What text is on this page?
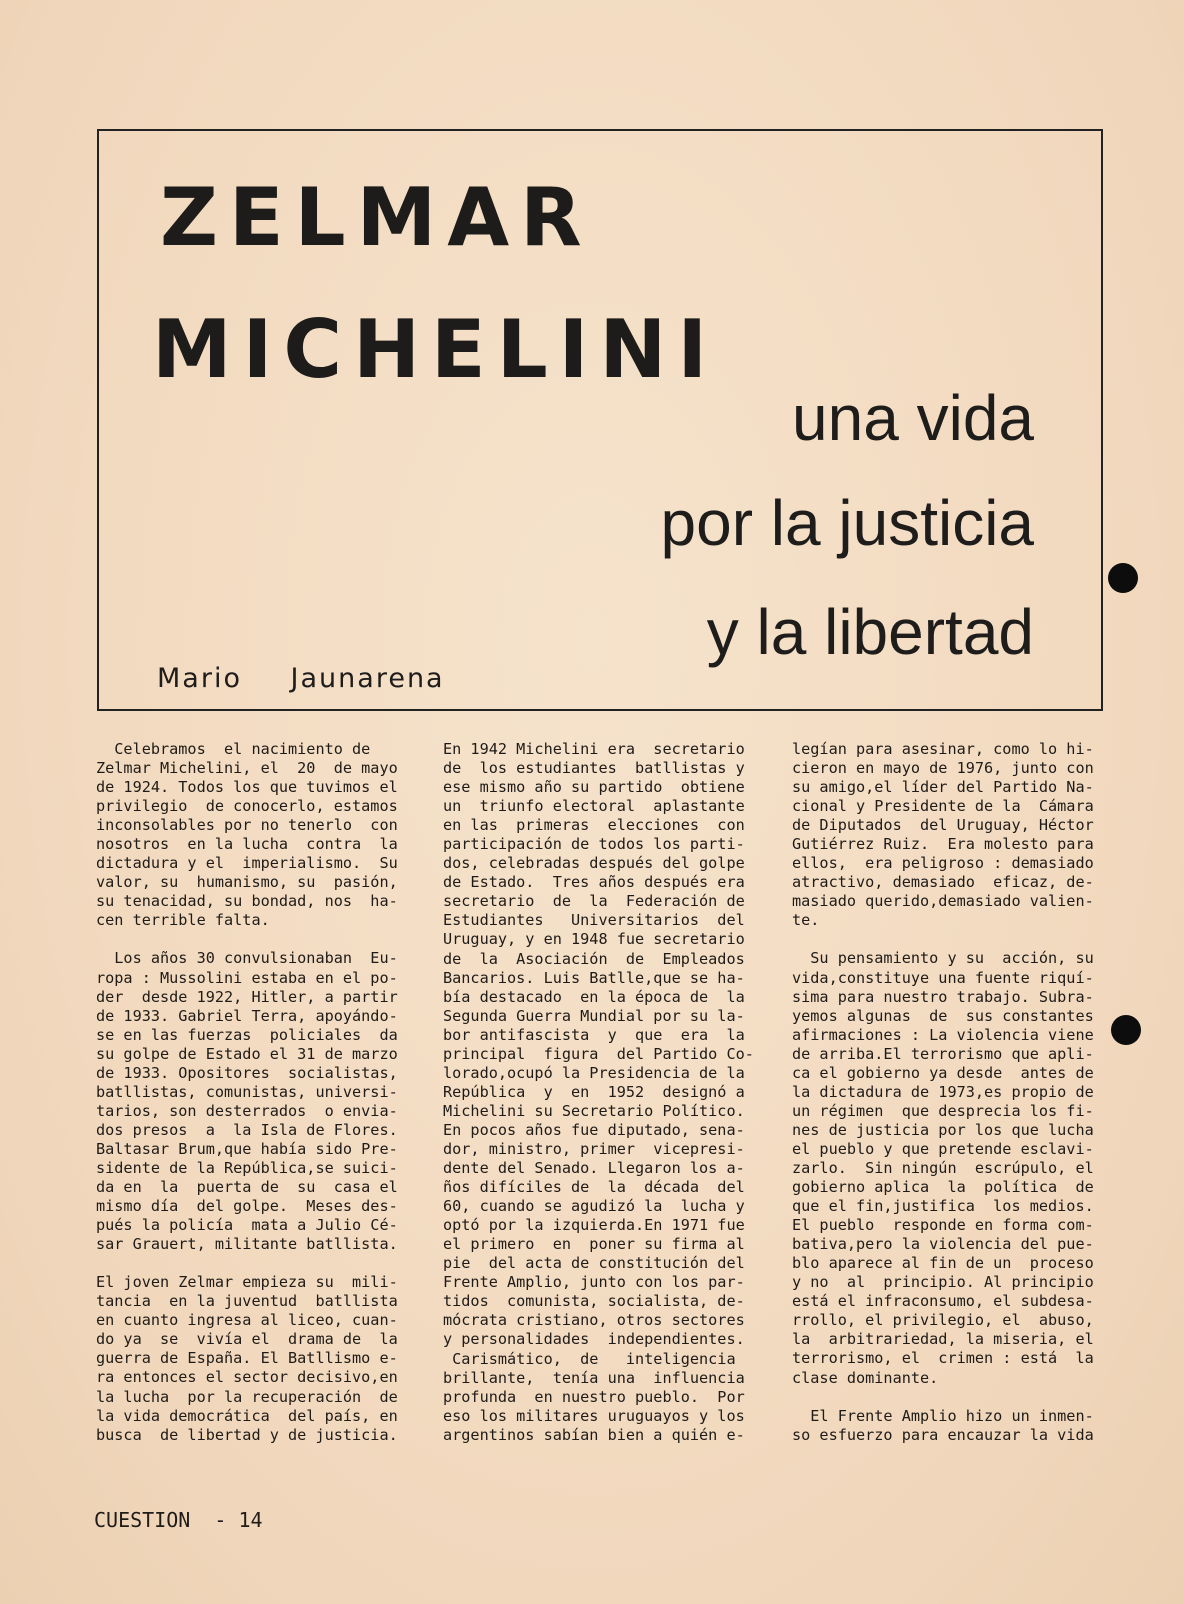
ZELMAR
MICHELINI
una vida
por la justicia
y la libertad
Mario Jaunarena

Celebramos  el nacimiento de
Zelmar Michelini, el  20  de mayo
de 1924. Todos los que tuvimos el
privilegio  de conocerlo, estamos
inconsolables por no tenerlo  con
nosotros  en la lucha  contra  la
dictadura y el  imperialismo.  Su
valor, su  humanismo, su  pasión,
su tenacidad, su bondad, nos  ha-
cen terrible falta.

Los años 30 convulsionaban  Eu-
ropa : Mussolini estaba en el po-
der  desde 1922, Hitler, a partir
de 1933. Gabriel Terra, apoyándo-
se en las fuerzas  policiales  da
su golpe de Estado el 31 de marzo
de 1933. Opositores  socialistas,
batllistas, comunistas, universi-
tarios, son desterrados  o envia-
dos presos  a  la Isla de Flores.
Baltasar Brum,que había sido Pre-
sidente de la República,se suici-
da en  la  puerta de  su  casa el
mismo día  del golpe.  Meses des-
pués la policía  mata a Julio Cé-
sar Grauert, militante batllista.

El joven Zelmar empieza su  mili-
tancia  en la juventud  batllista
en cuanto ingresa al liceo, cuan-
do ya  se  vivía el  drama de  la
guerra de España. El Batllismo e-
ra entonces el sector decisivo,en
la lucha  por la recuperación  de
la vida democrática  del país, en
busca  de libertad y de justicia.

En 1942 Michelini era  secretario
de  los estudiantes  batllistas y
ese mismo año su partido  obtiene
un  triunfo electoral  aplastante
en las  primeras  elecciones  con
participación de todos los parti-
dos, celebradas después del golpe
de Estado.  Tres años después era
secretario  de  la  Federación de
Estudiantes   Universitarios  del
Uruguay, y en 1948 fue secretario
de  la  Asociación  de  Empleados
Bancarios. Luis Batlle,que se ha-
bía destacado  en la época de  la
Segunda Guerra Mundial por su la-
bor antifascista  y  que  era  la
principal  figura  del Partido Co-
lorado,ocupó la Presidencia de la
República  y  en  1952  designó a
Michelini su Secretario Político.
En pocos años fue diputado, sena-
dor, ministro, primer  vicepresi-
dente del Senado. Llegaron los a-
ños difíciles de  la  década  del
60, cuando se agudizó la  lucha y
optó por la izquierda.En 1971 fue
el primero  en  poner su firma al
pie  del acta de constitución del
Frente Amplio, junto con los par-
tidos  comunista, socialista, de-
mócrata cristiano, otros sectores
y personalidades  independientes.
Carismático,  de   inteligencia
brillante,  tenía una  influencia
profunda  en nuestro pueblo.  Por
eso los militares uruguayos y los
argentinos sabían bien a quién e-

legían para asesinar, como lo hi-
cieron en mayo de 1976, junto con
su amigo,el líder del Partido Na-
cional y Presidente de la  Cámara
de Diputados  del Uruguay, Héctor
Gutiérrez Ruiz.  Era molesto para
ellos,  era peligroso : demasiado
atractivo, demasiado  eficaz, de-
masiado querido,demasiado valien-
te.

Su pensamiento y su  acción, su
vida,constituye una fuente riquí-
sima para nuestro trabajo. Subra-
yemos algunas  de  sus constantes
afirmaciones : La violencia viene
de arriba.El terrorismo que apli-
ca el gobierno ya desde  antes de
la dictadura de 1973,es propio de
un régimen  que desprecia los fi-
nes de justicia por los que lucha
el pueblo y que pretende esclavi-
zarlo.  Sin ningún  escrúpulo, el
gobierno aplica  la  política  de
que el fin,justifica  los medios.
El pueblo  responde en forma com-
bativa,pero la violencia del pue-
blo aparece al fin de un  proceso
y no  al  principio. Al principio
está el infraconsumo, el subdesa-
rrollo, el privilegio, el  abuso,
la  arbitrariedad, la miseria, el
terrorismo, el  crimen : está  la
clase dominante.

El Frente Amplio hizo un inmen-
so esfuerzo para encauzar la vida

CUESTION  - 14
